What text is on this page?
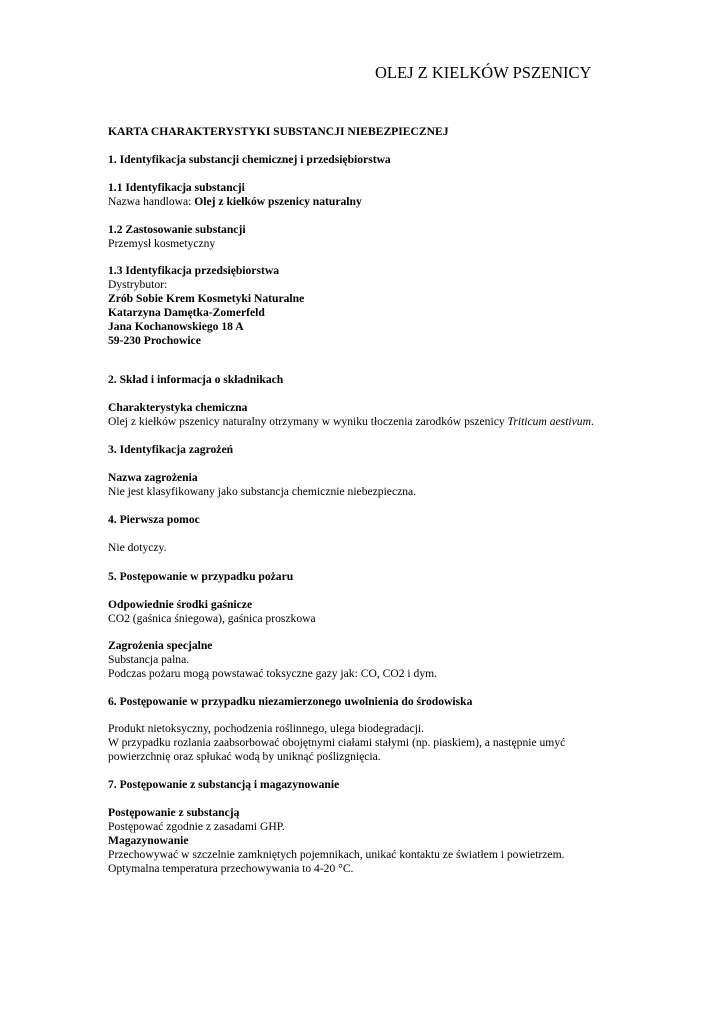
OLEJ Z KIELKÓW PSZENICY
KARTA CHARAKTERYSTYKI SUBSTANCJI NIEBEZPIECZNEJ
1. Identyfikacja substancji chemicznej i przedsiębiorstwa
1.1 Identyfikacja substancji
Nazwa handlowa: Olej z kiełków pszenicy naturalny
1.2 Zastosowanie substancji
Przemysł kosmetyczny
1.3 Identyfikacja przedsiębiorstwa
Dystrybutor:
Zrób Sobie Krem Kosmetyki Naturalne
Katarzyna Damętka-Zomerfeld
Jana Kochanowskiego 18 A
59-230 Prochowice
2. Skład i informacja o składnikach
Charakterystyka chemiczna
Olej z kiełków pszenicy naturalny otrzymany w wyniku tłoczenia zarodków pszenicy Triticum aestivum.
3. Identyfikacja zagrożeń
Nazwa zagrożenia
Nie jest klasyfikowany jako substancja chemicznie niebezpieczna.
4. Pierwsza pomoc
Nie dotyczy.
5. Postępowanie w przypadku pożaru
Odpowiednie środki gaśnicze
CO2 (gaśnica śniegowa), gaśnica proszkowa
Zagrożenia specjalne
Substancja palna.
Podczas pożaru mogą powstawać toksyczne gazy jak: CO, CO2 i dym.
6. Postępowanie w przypadku niezamierzonego uwolnienia do środowiska
Produkt nietoksyczny, pochodzenia roślinnego, ulega biodegradacji.
W przypadku rozlania zaabsorbować obojętnymi ciałami stałymi (np. piaskiem), a następnie umyć
powierzchnię oraz spłukać wodą by uniknąć poślizgnięcia.
7. Postępowanie z substancją i magazynowanie
Postępowanie z substancją
Postępować zgodnie z zasadami GHP.
Magazynowanie
Przechowywać w szczelnie zamkniętych pojemnikach, unikać kontaktu ze światłem i powietrzem.
Optymalna temperatura przechowywania to 4-20 °C.
